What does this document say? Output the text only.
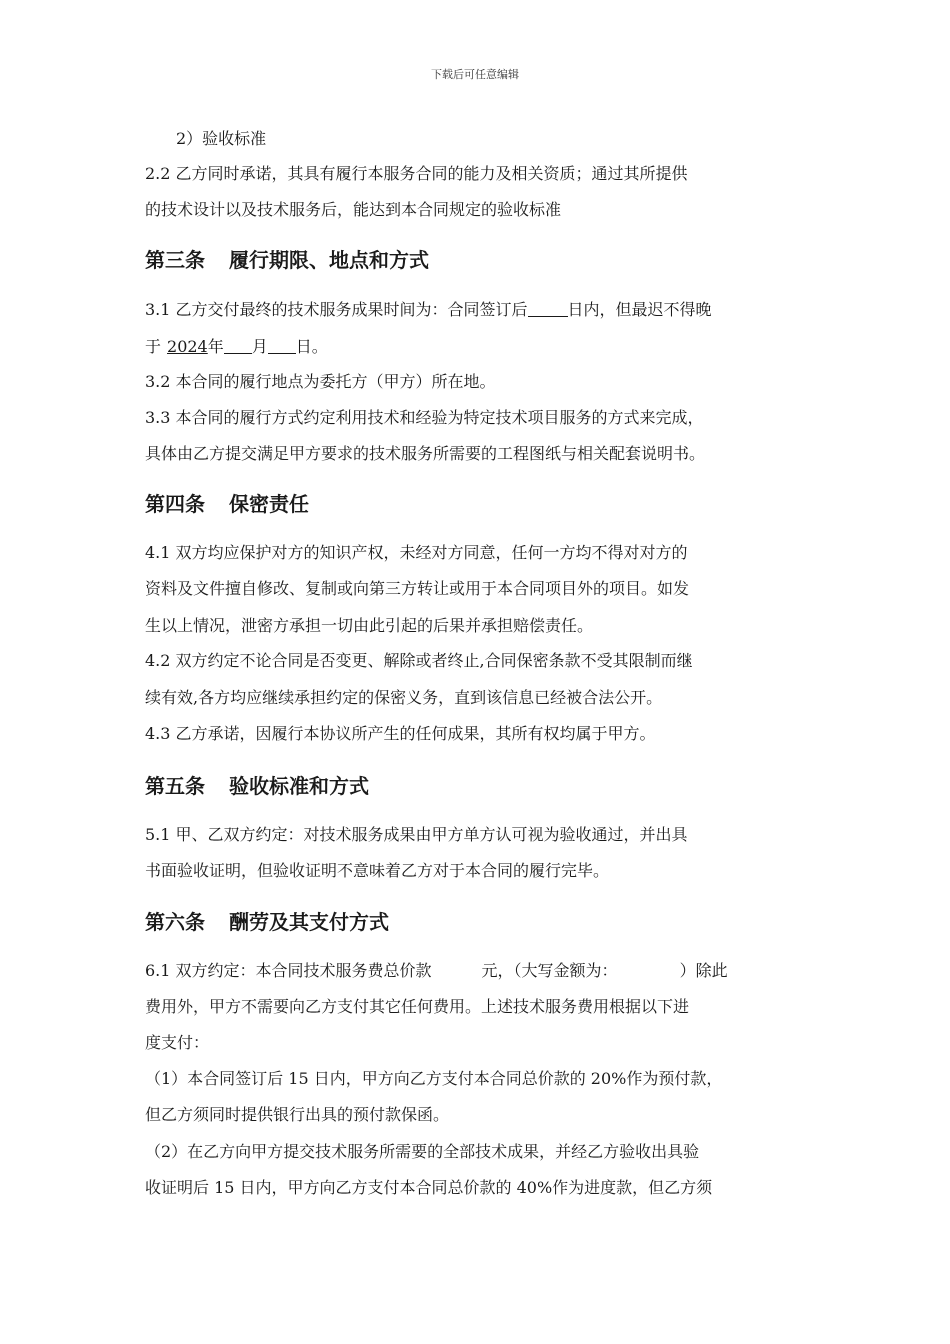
下载后可任意编辑
2）验收标准
2.2 乙方同时承诺，其具有履行本服务合同的能力及相关资质；通过其所提供
的技术设计以及技术服务后，能达到本合同规定的验收标准
第三条 履行期限、地点和方式
3.1 乙方交付最终的技术服务成果时间为：合同签订后	日内，但最迟不得晚
于 2024年 月 日。
3.2 本合同的履行地点为委托方（甲方）所在地。
3.3 本合同的履行方式约定利用技术和经验为特定技术项目服务的方式来完成，
具体由乙方提交满足甲方要求的技术服务所需要的工程图纸与相关配套说明书。
第四条 保密责任
4.1 双方均应保护对方的知识产权，未经对方同意，任何一方均不得对对方的
资料及文件擅自修改、复制或向第三方转让或用于本合同项目外的项目。如发
生以上情况，泄密方承担一切由此引起的后果并承担赔偿责任。
4.2 双方约定不论合同是否变更、解除或者终止,合同保密条款不受其限制而继
续有效,各方均应继续承担约定的保密义务，直到该信息已经被合法公开。
4.3 乙方承诺，因履行本协议所产生的任何成果，其所有权均属于甲方。
第五条 验收标准和方式
5.1 甲、乙双方约定：对技术服务成果由甲方单方认可视为验收通过，并出具
书面验收证明，但验收证明不意味着乙方对于本合同的履行完毕。
第六条 酬劳及其支付方式
6.1 双方约定：本合同技术服务费总价款	元，（大写金额为：	）除此
费用外，甲方不需要向乙方支付其它任何费用。上述技术服务费用根据以下进
度支付：
（1）本合同签订后 15 日内，甲方向乙方支付本合同总价款的 20%作为预付款，
但乙方须同时提供银行出具的预付款保函。
（2）在乙方向甲方提交技术服务所需要的全部技术成果，并经乙方验收出具验
收证明后 15 日内，甲方向乙方支付本合同总价款的 40%作为进度款，但乙方须
